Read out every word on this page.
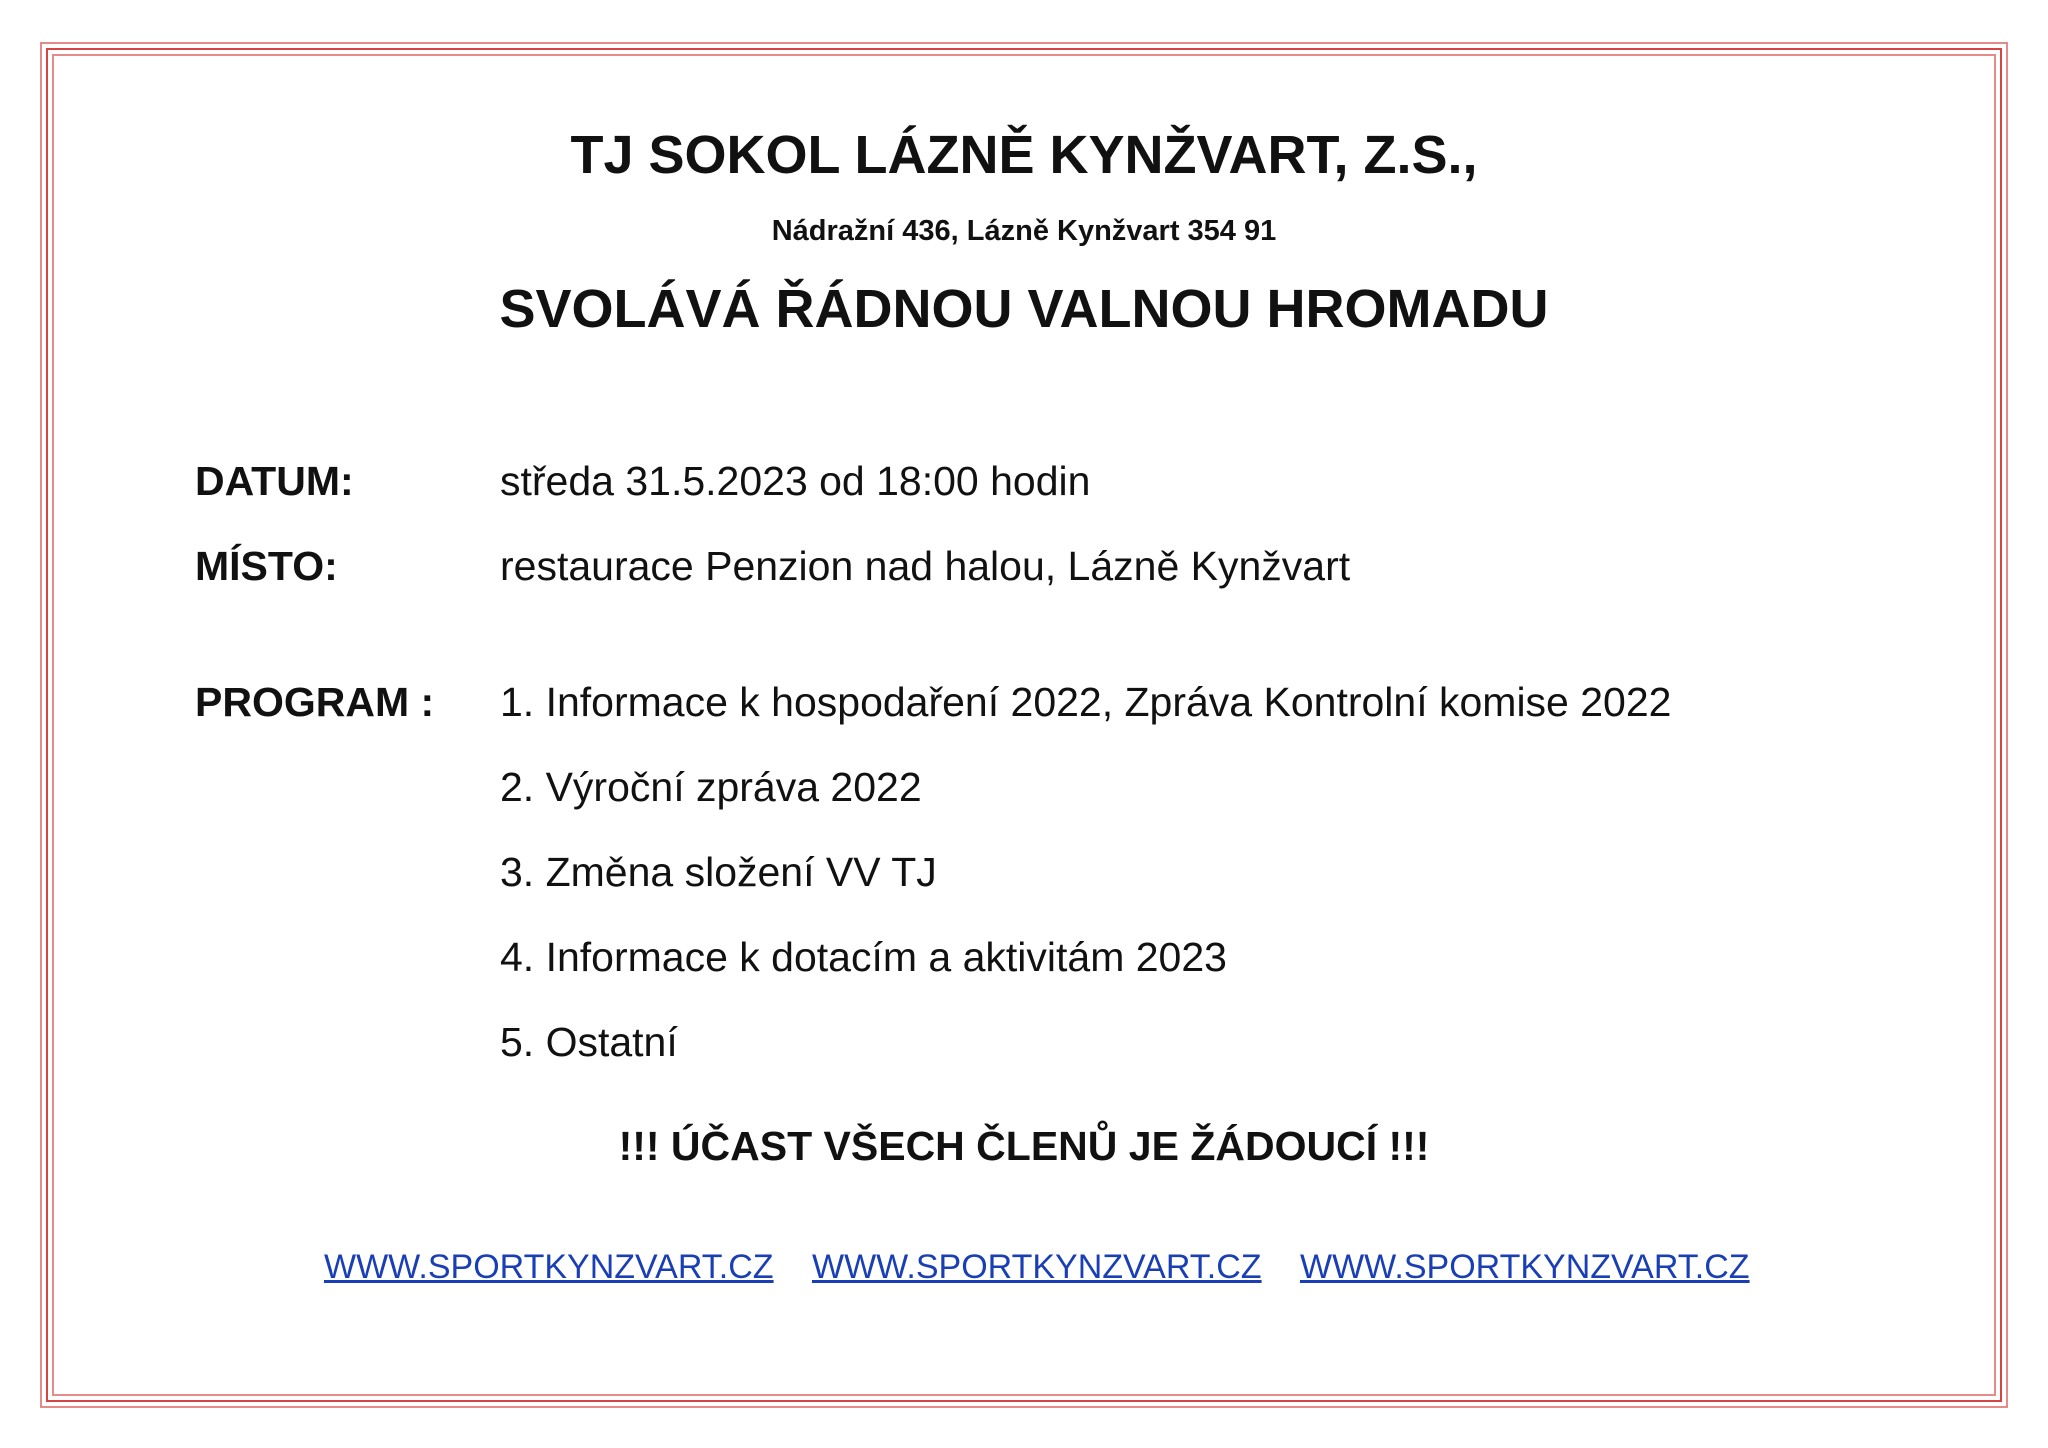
TJ SOKOL LÁZNĚ KYNŽVART, Z.S.,
Nádražní 436, Lázně Kynžvart 354 91
SVOLÁVÁ ŘÁDNOU VALNOU HROMADU
DATUM:	středa 31.5.2023 od 18:00 hodin
MÍSTO:	restaurace Penzion nad halou, Lázně Kynžvart
PROGRAM : 1. Informace k hospodaření 2022, Zpráva Kontrolní komise 2022
2. Výroční zpráva 2022
3. Změna složení VV TJ
4. Informace k dotacím a aktivitám 2023
5. Ostatní
!!! ÚČAST VŠECH ČLENŮ JE ŽÁDOUCÍ !!!
WWW.SPORTKYNZVART.CZ WWW.SPORTKYNZVART.CZ WWW.SPORTKYNZVART.CZ
